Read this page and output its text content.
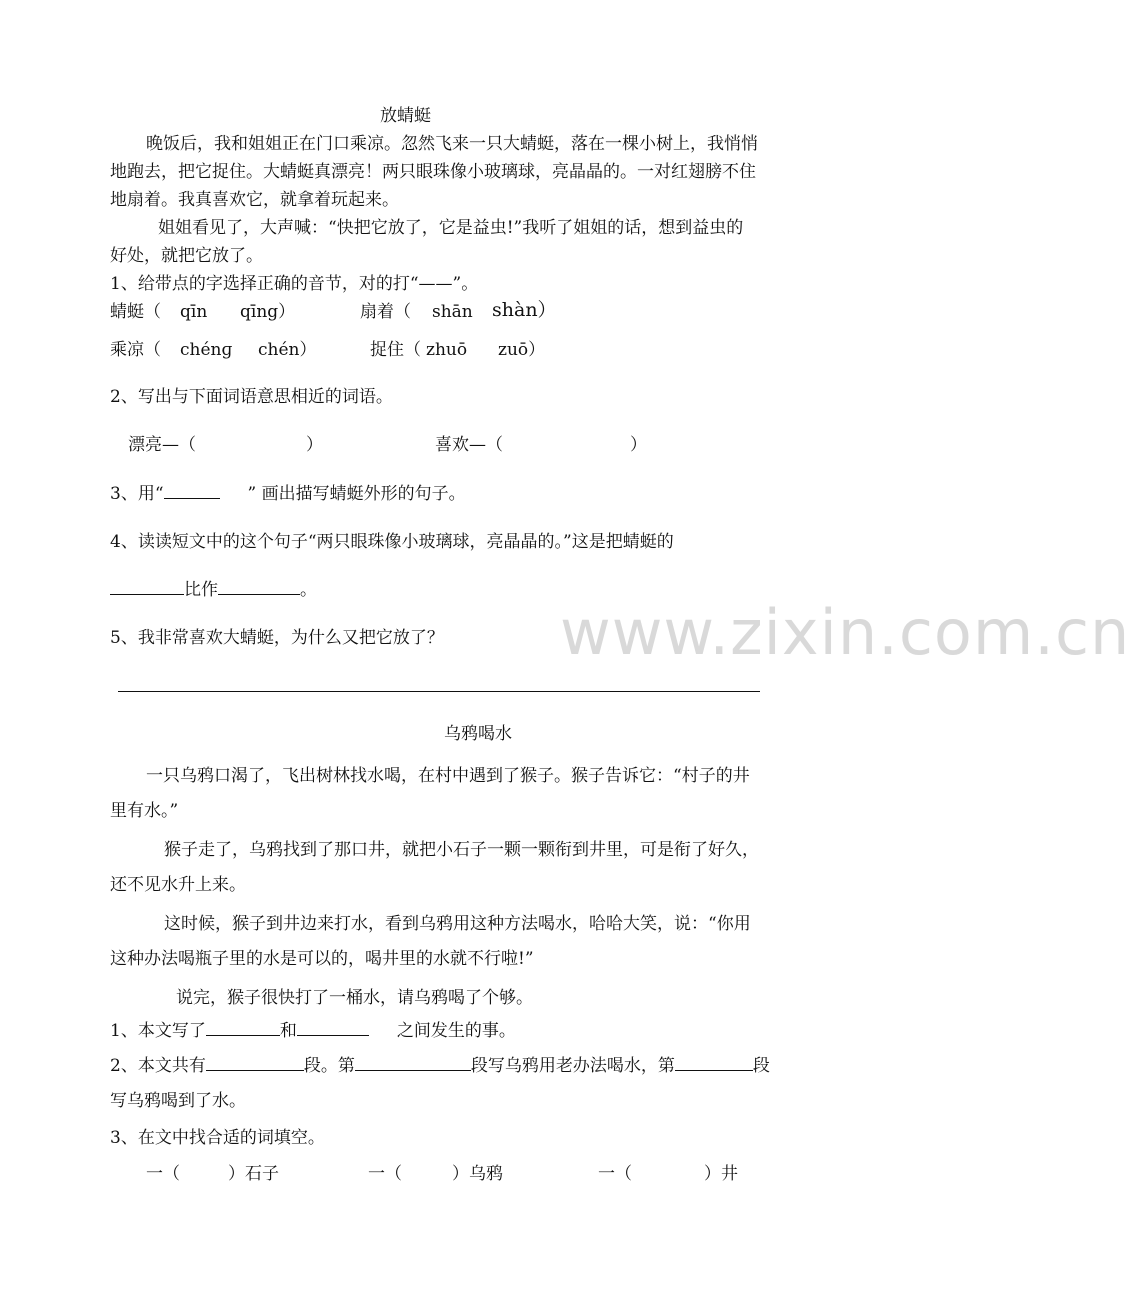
www.zixin.com.cn
放蜻蜓
晚饭后，我和姐姐正在门口乘凉。忽然飞来一只大蜻蜓，落在一棵小树上，我悄悄
地跑去，把它捉住。大蜻蜓真漂亮！两只眼珠像小玻璃球，亮晶晶的。一对红翅膀不住
地扇着。我真喜欢它，就拿着玩起来。
姐姐看见了，大声喊：“快把它放了，它是益虫!”我听了姐姐的话，想到益虫的
好处，就把它放了。
1、给带点的字选择正确的音节，对的打“——”。
蜻蜓（ qīn qīng）	扇着（ shān shàn）
乘凉（ chénɡ chén）	捉住（ zhuō zuō）
2、写出与下面词语意思相近的词语。
漂亮—（	）	喜欢—（	）
3、用“	” 画出描写蜻蜓外形的句子。
4、读读短文中的这个句子“两只眼珠像小玻璃球，亮晶晶的。”这是把蜻蜓的
比作	。
5、我非常喜欢大蜻蜓，为什么又把它放了？
乌鸦喝水
一只乌鸦口渴了，飞出树林找水喝，在村中遇到了猴子。猴子告诉它：“村子的井
里有水。”
猴子走了，乌鸦找到了那口井，就把小石子一颗一颗衔到井里，可是衔了好久，
还不见水升上来。
这时候，猴子到井边来打水，看到乌鸦用这种方法喝水，哈哈大笑，说：“你用
这种办法喝瓶子里的水是可以的，喝井里的水就不行啦!”
说完，猴子很快打了一桶水，请乌鸦喝了个够。
1、本文写了	和	之间发生的事。
2、本文共有	段。第	段写乌鸦用老办法喝水，第	段
写乌鸦喝到了水。
3、在文中找合适的词填空。
一（	）石子	一（	）乌鸦	一（	）井
